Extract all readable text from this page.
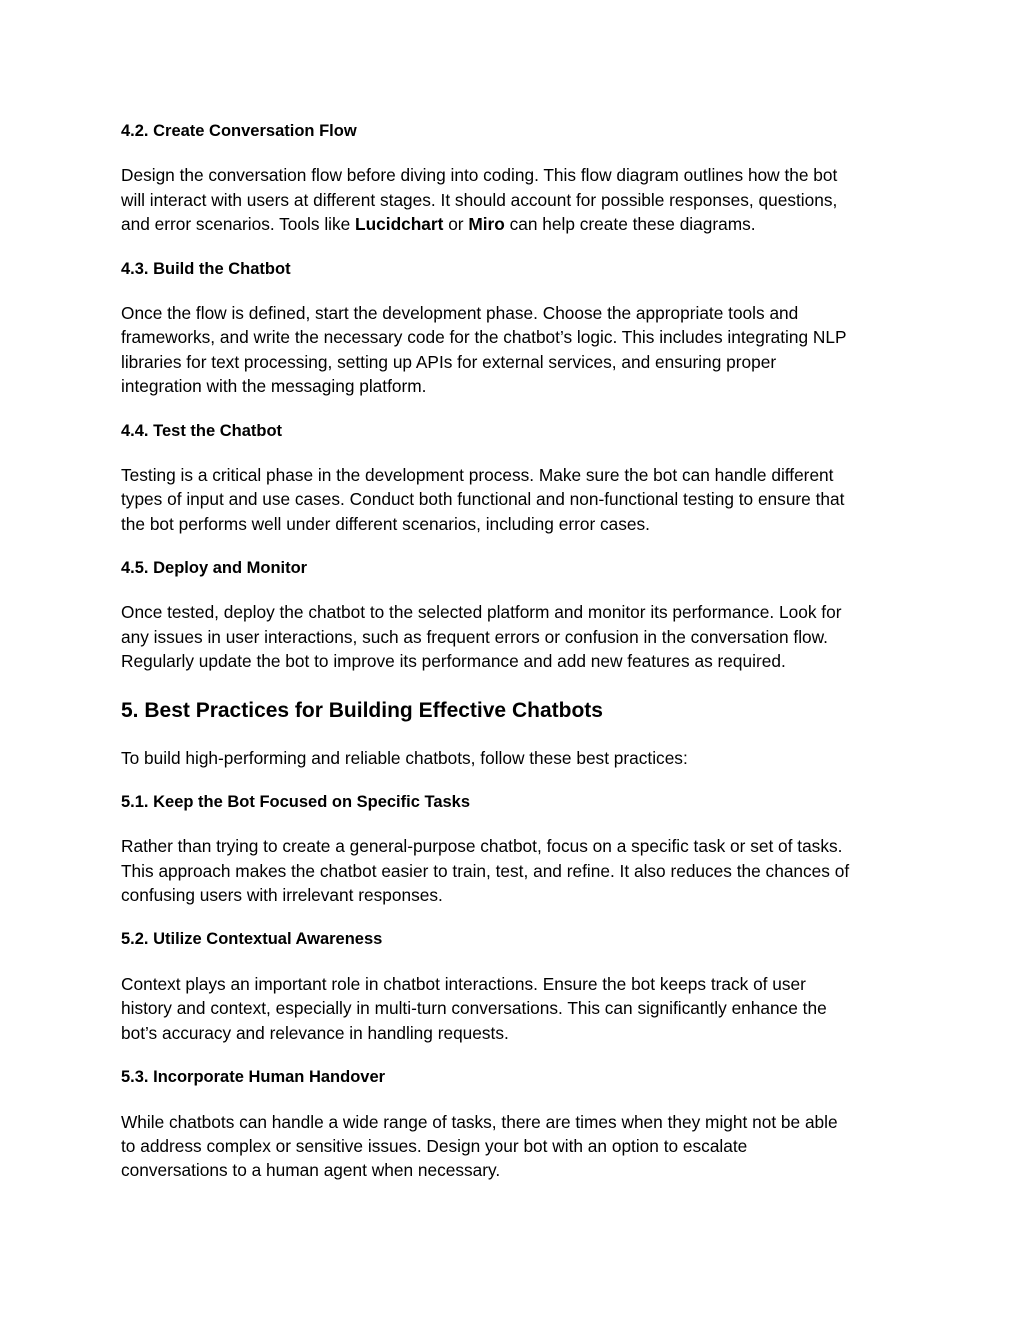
4.2. Create Conversation Flow

Design the conversation flow before diving into coding. This flow diagram outlines how the bot

will interact with users at different stages. It should account for possible responses, questions,

and error scenarios. Tools like Lucidchart or Miro can help create these diagrams.

4.3. Build the Chatbot

Once the flow is defined, start the development phase. Choose the appropriate tools and

frameworks, and write the necessary code for the chatbot’s logic. This includes integrating NLP

libraries for text processing, setting up APIs for external services, and ensuring proper

integration with the messaging platform.

4.4. Test the Chatbot

Testing is a critical phase in the development process. Make sure the bot can handle different

types of input and use cases. Conduct both functional and non-functional testing to ensure that

the bot performs well under different scenarios, including error cases.

4.5. Deploy and Monitor

Once tested, deploy the chatbot to the selected platform and monitor its performance. Look for

any issues in user interactions, such as frequent errors or confusion in the conversation flow.

Regularly update the bot to improve its performance and add new features as required.

5. Best Practices for Building Effective Chatbots

To build high-performing and reliable chatbots, follow these best practices:

5.1. Keep the Bot Focused on Specific Tasks

Rather than trying to create a general-purpose chatbot, focus on a specific task or set of tasks.

This approach makes the chatbot easier to train, test, and refine. It also reduces the chances of

confusing users with irrelevant responses.

5.2. Utilize Contextual Awareness

Context plays an important role in chatbot interactions. Ensure the bot keeps track of user

history and context, especially in multi-turn conversations. This can significantly enhance the

bot’s accuracy and relevance in handling requests.

5.3. Incorporate Human Handover

While chatbots can handle a wide range of tasks, there are times when they might not be able

to address complex or sensitive issues. Design your bot with an option to escalate

conversations to a human agent when necessary.
